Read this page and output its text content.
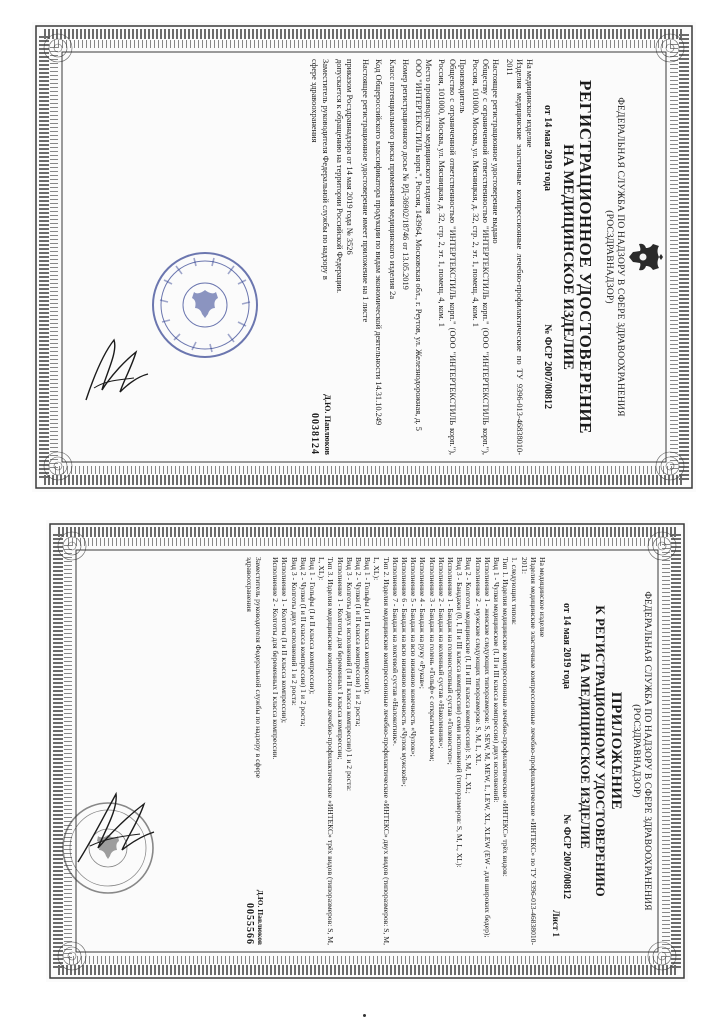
ФЕДЕРАЛЬНАЯ СЛУЖБА ПО НАДЗОРУ В СФЕРЕ ЗДРАВООХРАНЕНИЯ
(РОСЗДРАВНАДЗОР)
РЕГИСТРАЦИОННОЕ УДОСТОВЕРЕНИЕ
НА МЕДИЦИНСКОЕ ИЗДЕЛИЕ
от 14 мая 2019 года
№ ФСР 2007/00812

На медицинское изделие
Изделия медицинские эластичные компрессионные лечебно-профилактические по ТУ 9396-013-46838010-2011

Настоящее регистрационное удостоверение выдано
Обществу с ограниченной ответственностью "ИНТЕРТЕКСТИЛЬ корп." (ООО "ИНТЕРТЕКСТИЛЬ корп."), Россия, 101000, Москва, ул. Мясницкая, д. 32, стр. 2, эт. 1, помещ. 4, ком. 1

Производитель
Общество с ограниченной ответственностью "ИНТЕРТЕКСТИЛЬ корп." (ООО "ИНТЕРТЕКСТИЛЬ корп."), Россия, 101000, Москва, ул. Мясницкая, д. 32, стр. 2, эт. 1, помещ. 4, ком. 1

Место производства медицинского изделия
ООО "ИНТЕРТЕКСТИЛЬ корп.", Россия, 143964, Московская обл., г. Реутов, ул. Железнодорожная, д. 5

Номер регистрационного досье № РД-36902/18746 от 13.05.2019

Класс потенциального риска применения медицинского изделия 2а

Код Общероссийского классификатора продукции по видам экономической деятельности 14.31.10.249

Настоящее регистрационное удостоверение имеет приложение на 1 листе

приказом Росздравнадзора от 14 мая 2019 года № 3526 допускается к обращению на территории Российской Федерации.
Заместитель руководителя Федеральной службы по надзору в сфере здравоохранения
Д.Ю. Павлюков
0038124
ФЕДЕРАЛЬНАЯ СЛУЖБА ПО НАДЗОРУ В СФЕРЕ ЗДРАВООХРАНЕНИЯ
(РОСЗДРАВНАДЗОР)
ПРИЛОЖЕНИЕ
К РЕГИСТРАЦИОННОМУ УДОСТОВЕРЕНИЮ
НА МЕДИЦИНСКОЕ ИЗДЕЛИЕ
от 14 мая 2019 года
№ ФСР 2007/00812
Лист 1
На медицинское изделие
Изделия медицинские эластичные компрессионные лечебно-профилактические «ИНТЕКС» по ТУ 9396-013-46838010-2011:
1. следующих типов:
Тип 1. Изделия медицинские компрессионные лечебно-профилактические «ИНТЕКС» трёх видов:
Вид 1 - Чулки медицинские (I, II и III класса компрессии) двух исполнений:
Исполнение 1 - женские следующих типоразмеров: S, SEW, M, MEW, L, LEW, XL, XLEW (EW - для широких бедер);
Исполнение 2 - мужские следующих типоразмеров: S, M, L, XL.
Вид 2 - Колготы медицинские (I, II и III класса компрессии): S, M, L, XL;
Вид 3 - Бандажи (0, I, II и III класса компрессии) семи исполнений (типоразмеров: S, M, L, XL):
Исполнение 1 - Бандаж на голеностопный сустав «Голеностоп»;
Исполнение 2 - Бандаж на коленный сустав «Наколенник»;
Исполнение 3 - Бандаж на голень «Гольф» с открытым носком;
Исполнение 4 - Бандаж на руку «Рукав»;
Исполнение 5 - Бандаж на всю нижнюю конечность «Чулок»;
Исполнение 6 - Бандаж на всю нижнюю конечность «Чулок мужской»;
Исполнение 7 - Бандаж на локтевой сустав «Налокотник».
Тип 2. Изделия медицинские компрессионные лечебно-профилактические «ИНТЕКС» двух видов (типоразмеров: S, M, L, XL):
Вид 1 - Гольфы (I и II класса компрессии);
Вид 2 - Чулки (I и II класса компрессии) 1 и 2 роста;
Вид 3 - Колготы двух исполнений (I и II класса компрессии) 1 и 2 роста:
Исполнение 1 - Колготы для беременных I класса компрессии;
Тип 3. Изделия медицинские компрессионные лечебно-профилактические «ИНТЕКС» трёх видов (типоразмеров: S, M, L, XL):
Вид 1 - Гольфы (I и II класса компрессии);
Вид 2 - Чулки (I и II класса компрессии) 1 и 2 роста;
Вид 3 - Колготы двух исполнений 1 и 2 роста:
Исполнение 1 - Колготы (I и II класса компрессии);
Исполнение 2 - Колготы для беременных I класса компрессии.
Заместитель руководителя Федеральной службы по надзору в сфере здравоохранения
Д.Ю. Павлюков
0055566
